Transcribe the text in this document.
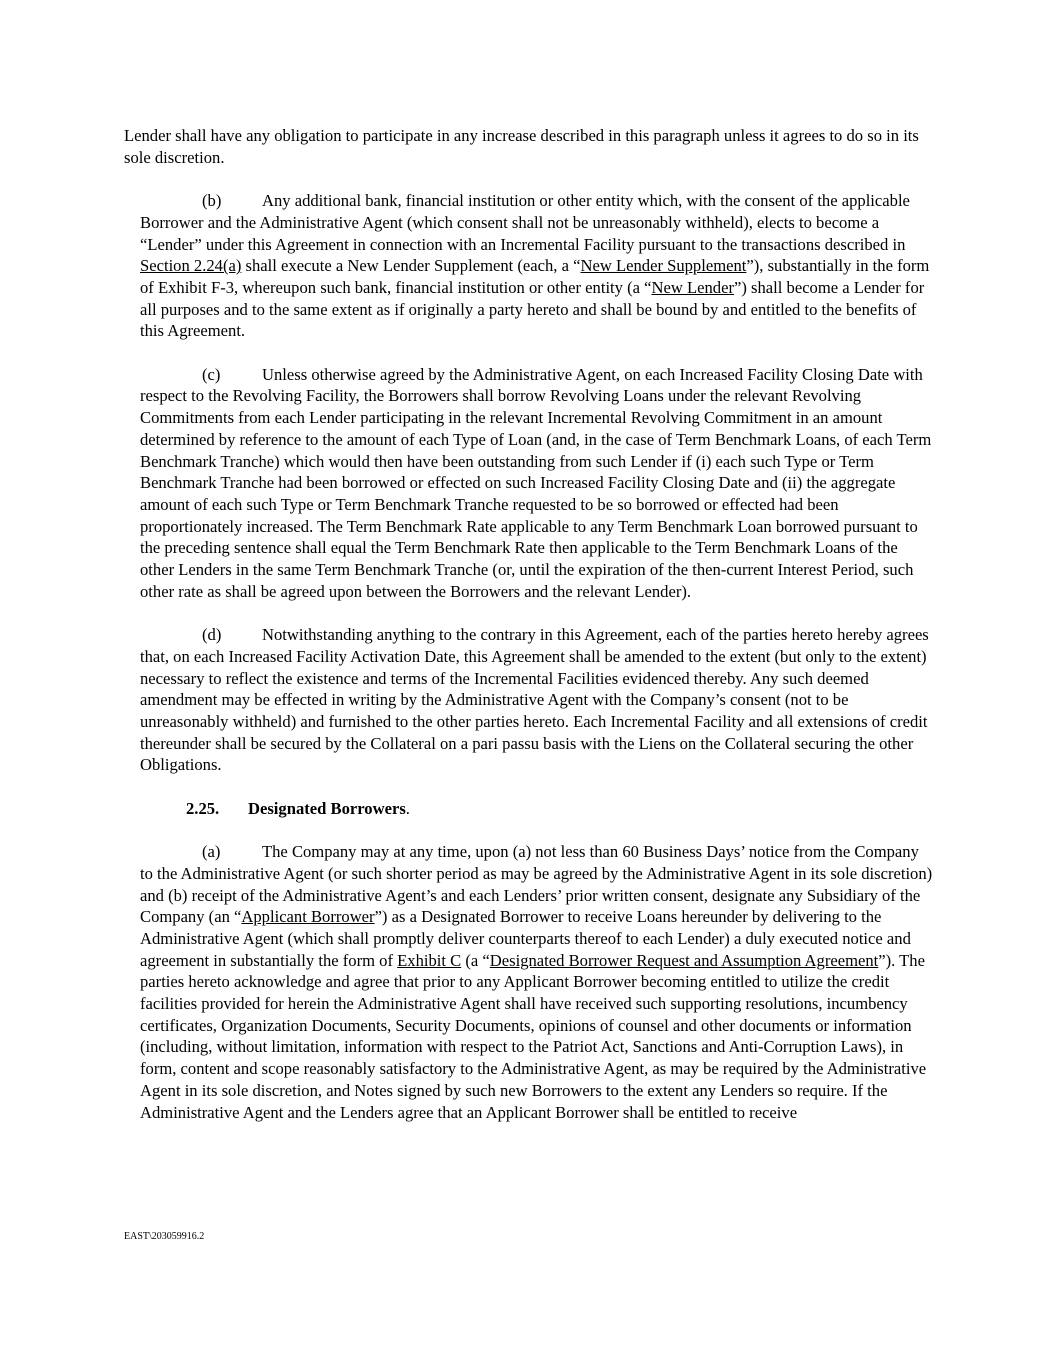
Lender shall have any obligation to participate in any increase described in this paragraph unless it agrees to do so in its sole discretion.

(b) Any additional bank, financial institution or other entity which, with the consent of the applicable Borrower and the Administrative Agent (which consent shall not be unreasonably withheld), elects to become a “Lender” under this Agreement in connection with an Incremental Facility pursuant to the transactions described in Section 2.24(a) shall execute a New Lender Supplement (each, a “New Lender Supplement”), substantially in the form of Exhibit F-3, whereupon such bank, financial institution or other entity (a “New Lender”) shall become a Lender for all purposes and to the same extent as if originally a party hereto and shall be bound by and entitled to the benefits of this Agreement.

(c)	Unless otherwise agreed by the Administrative Agent, on each Increased Facility Closing Date with respect to the Revolving Facility, the Borrowers shall borrow Revolving Loans under the relevant Revolving Commitments from each Lender participating in the relevant Incremental Revolving Commitment in an amount determined by reference to the amount of each Type of Loan (and, in the case of Term Benchmark Loans, of each Term Benchmark Tranche) which would then have been outstanding from such Lender if (i) each such Type or Term Benchmark Tranche had been borrowed or effected on such Increased Facility Closing Date and (ii) the aggregate amount of each such Type or Term Benchmark Tranche requested to be so borrowed or effected had been proportionately increased. The Term Benchmark Rate applicable to any Term Benchmark Loan borrowed pursuant to the preceding sentence shall equal the Term Benchmark Rate then applicable to the Term Benchmark Loans of the other Lenders in the same Term Benchmark Tranche (or, until the expiration of the then-current Interest Period, such other rate as shall be agreed upon between the Borrowers and the relevant Lender).

(d) Notwithstanding anything to the contrary in this Agreement, each of the parties hereto hereby agrees that, on each Increased Facility Activation Date, this Agreement shall be amended to the extent (but only to the extent) necessary to reflect the existence and terms of the Incremental Facilities evidenced thereby. Any such deemed amendment may be effected in writing by the Administrative Agent with the Company’s consent (not to be unreasonably withheld) and furnished to the other parties hereto. Each Incremental Facility and all extensions of credit thereunder shall be secured by the Collateral on a pari passu basis with the Liens on the Collateral securing the other Obligations.

2.25. Designated Borrowers.

(a)	The Company may at any time, upon (a) not less than 60 Business Days’ notice from the Company to the Administrative Agent (or such shorter period as may be agreed by the Administrative Agent in its sole discretion) and (b) receipt of the Administrative Agent’s and each Lenders’ prior written consent, designate any Subsidiary of the Company (an “Applicant Borrower”) as a Designated Borrower to receive Loans hereunder by delivering to the Administrative Agent (which shall promptly deliver counterparts thereof to each Lender) a duly executed notice and agreement in substantially the form of Exhibit C (a “Designated Borrower Request and Assumption Agreement”). The parties hereto acknowledge and agree that prior to any Applicant Borrower becoming entitled to utilize the credit facilities provided for herein the Administrative Agent shall have received such supporting resolutions, incumbency certificates, Organization Documents, Security Documents, opinions of counsel and other documents or information (including, without limitation, information with respect to the Patriot Act, Sanctions and Anti-Corruption Laws), in form, content and scope reasonably satisfactory to the Administrative Agent, as may be required by the Administrative Agent in its sole discretion, and Notes signed by such new Borrowers to the extent any Lenders so require. If the Administrative Agent and the Lenders agree that an Applicant Borrower shall be entitled to receive

EAST\203059916.2
